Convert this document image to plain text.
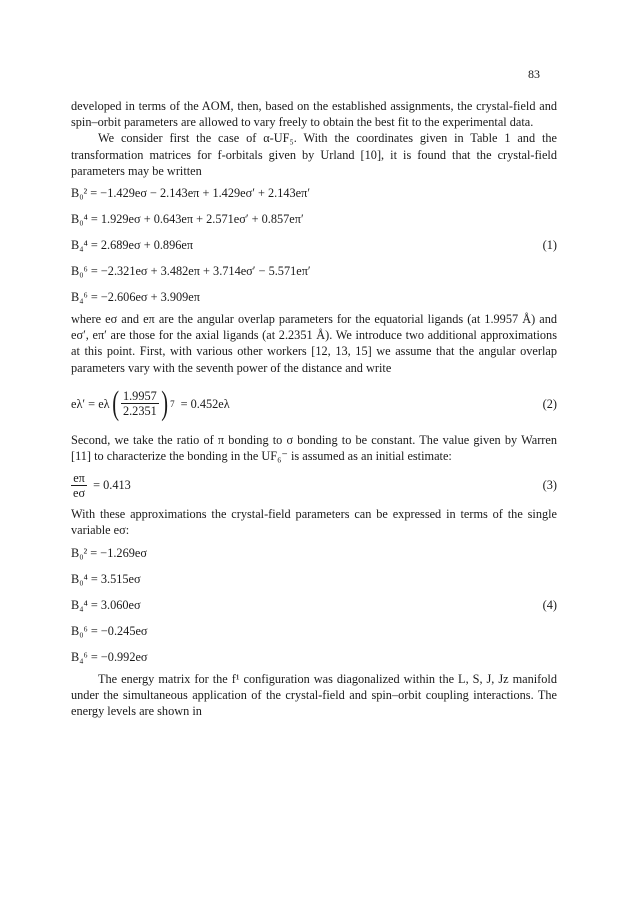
83

developed in terms of the AOM, then, based on the established assignments, the crystal-field and spin–orbit parameters are allowed to vary freely to obtain the best fit to the experimental data.

We consider first the case of α-UF₅. With the coordinates given in Table 1 and the transformation matrices for f-orbitals given by Urland [10], it is found that the crystal-field parameters may be written

B₀² = −1.429eσ − 2.143eπ + 1.429eσ′ + 2.143eπ′
B₀⁴ = 1.929eσ + 0.643eπ + 2.571eσ′ + 0.857eπ′
B₄⁴ = 2.689eσ + 0.896eπ	(1)
B₀⁶ = −2.321eσ + 3.482eπ + 3.714eσ′ − 5.571eπ′
B₄⁶ = −2.606eσ + 3.909eπ

where eσ and eπ are the angular overlap parameters for the equatorial ligands (at 1.9957 Å) and eσ′, eπ′ are those for the axial ligands (at 2.2351 Å). We introduce two additional approximations at this point. First, with various other workers [12, 13, 15] we assume that the angular overlap parameters vary with the seventh power of the distance and write

eλ′ = eλ ( $\frac{1.9957}{2.2351}$ ) 7 = 0.452eλ	(2)

Second, we take the ratio of π bonding to σ bonding to be constant. The value given by Warren [11] to characterize the bonding in the UF₆⁻ is assumed as an initial estimate:

$\frac{e\pi}{e\sigma} = 0.413$	(3)

With these approximations the crystal-field parameters can be expressed in terms of the single variable eσ:

B₀² = −1.269eσ
B₀⁴ = 3.515eσ
B₄⁴ = 3.060eσ	(4)
B₀⁶ = −0.245eσ
B₄⁶ = −0.992eσ

The energy matrix for the f¹ configuration was diagonalized within the L, S, J, Jz manifold under the simultaneous application of the crystal-field and spin–orbit coupling interactions. The energy levels are shown in
